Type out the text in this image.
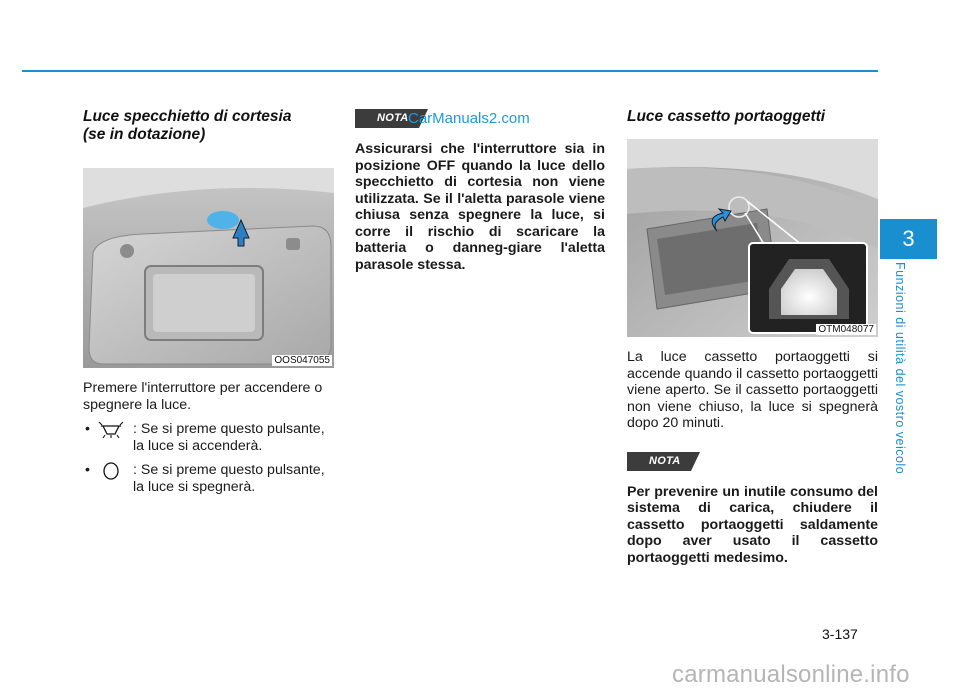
Luce specchietto di cortesia
(se in dotazione)
OOS047055

Premere l'interruttore per accendere o spegnere la luce.

•	: Se si preme questo pulsante,
la luce si accenderà.
•	: Se si preme questo pulsante,
la luce si spegnerà.
NOTA
Assicurarsi che l'interruttore sia in posizione OFF quando la luce dello specchietto di cortesia non viene utilizzata. Se il l'aletta parasole viene chiusa senza spegnere la luce, si corre il rischio di scaricare la batteria o danneg-giare l'aletta parasole stessa.
CarManuals2.com	Luce cassetto portaoggetti
OTM048077

La luce cassetto portaoggetti si accende quando il cassetto portaoggetti viene aperto. Se il cassetto portaoggetti non viene chiuso, la luce si spegnerà dopo 20 minuti.

NOTA
Per prevenire un inutile consumo del sistema di carica, chiudere il cassetto portaoggetti saldamente dopo aver usato il cassetto portaoggetti medesimo.
3
Funzioni di utilità del vostro veicolo
3-137
carmanualsonline.info
